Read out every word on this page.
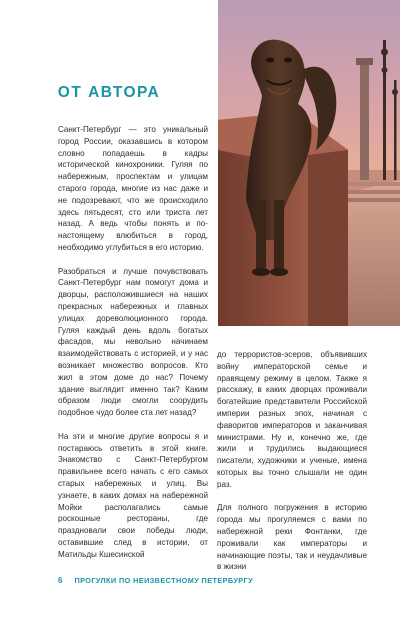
ОТ АВТОРА

Санкт-Петербург — это уникальный город России, оказавшись в котором словно попадаешь в кадры исторической кинохроники. Гуляя по набережным, проспектам и улицам старого города, многие из нас даже и не подозревают, что же происходило здесь пятьдесят, сто или триста лет назад. А ведь чтобы понять и по-настоящему влюбиться в город, необходимо углубиться в его историю.

Разобраться и лучше почувствовать Санкт-Петербург нам помогут дома и дворцы, расположившиеся на наших прекрасных набережных и главных улицах дореволюционного города. Гуляя каждый день вдоль богатых фасадов, мы невольно начинаем взаимодействовать с историей, и у нас возникает множество вопросов. Кто жил в этом доме до нас? Почему здание выглядит именно так? Каким образом люди смогли соорудить подобное чудо более ста лет назад?

На эти и многие другие вопросы я и постараюсь ответить в этой книге. Знакомство с Санкт-Петербургом правильнее всего начать с его самых старых набережных и улиц. Вы узнаете, в каких домах на набережной Мойки располагались самые роскошные рестораны, где праздновали свои победы люди, оставившие след в истории, от Матильды Кшесинской

до террористов-эсеров, объявивших войну императорской семье и правящему режиму в целом. Также я расскажу, в каких дворцах проживали богатейшие представители Российской империи разных эпох, начиная с фаворитов императоров и заканчивая министрами. Ну и, конечно же, где жили и трудились выдающиеся писатели, художники и ученые, имена которых вы точно слышали не один раз.

Для полного погружения в историю города мы прогуляемся с вами по набережной реки Фонтанки, где проживали как императоры и начинающие поэты, так и неудачливые в жизни

6 ПРОГУЛКИ ПО НЕИЗВЕСТНОМУ ПЕТЕРБУРГУ
